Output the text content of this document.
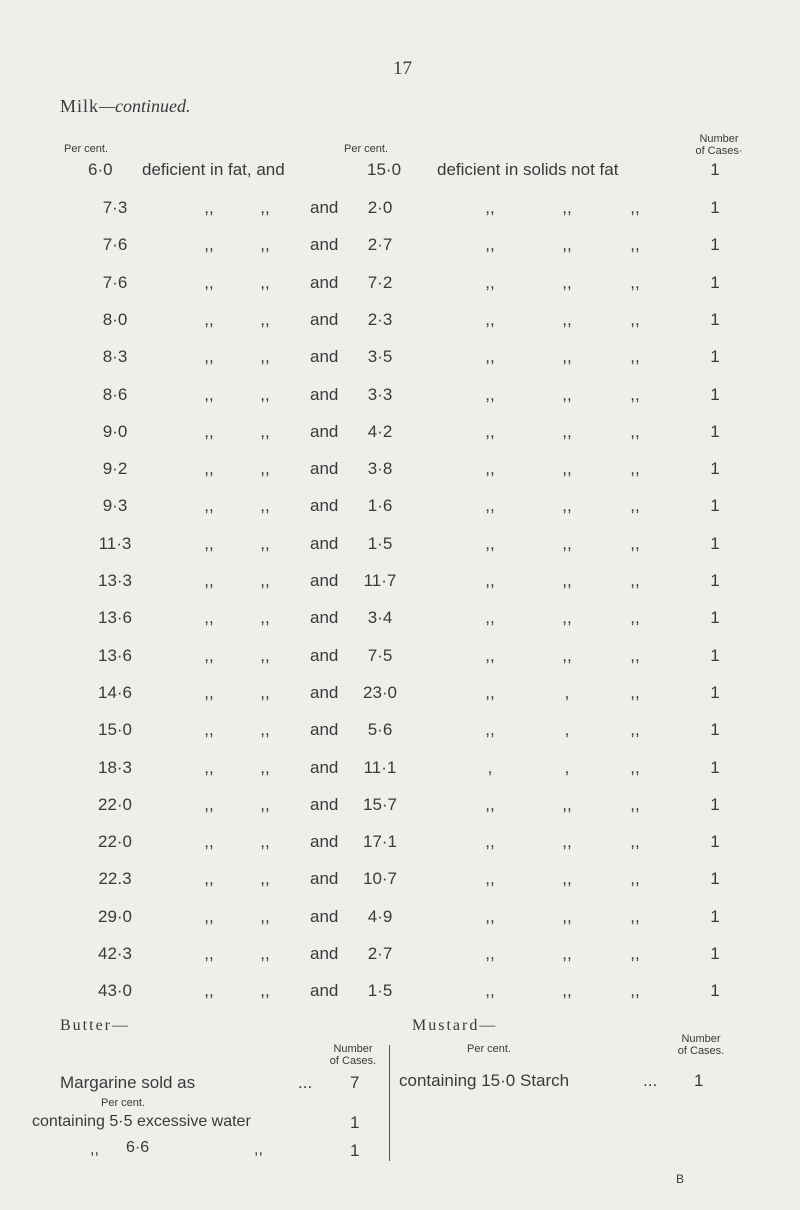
17
Milk—continued.
Per cent.	Per cent.
Number
of Cases·
6·0 deficient in fat, and	15·0 deficient in solids not fat	1
7·3	,,	,,	and	2·0	,,	,,	,,	1
7·6	,,	,,	and	2·7	,,	,,	,,	1
7·6	,,	,,	and	7·2	,,	,,	,,	1
8·0	,,	,,	and	2·3	,,	,,	,,	1
8·3	,,	,,	and	3·5	,,	,,	,,	1
8·6	,,	,,	and	3·3	,,	,,	,,	1
9·0	,,	,,	and	4·2	,,	,,	,,	1
9·2	,,	,,	and	3·8	,,	,,	,,	1
9·3	,,	,,	and	1·6	,,	,,	,,	1
11·3	,,	,,	and	1·5	,,	,,	,,	1
13·3	,,	,,	and	11·7	,,	,,	,,	1
13·6	,,	,,	and	3·4	,,	,,	,,	1
13·6	,,	,,	and	7·5	,,	,,	,,	1
14·6	,,	,,	and	23·0	,,	,	,,	1
15·0	,,	,,	and	5·6	,,	,	,,	1
18·3	,,	,,	and	11·1	,	,	,,	1
22·0	,,	,,	and	15·7	,,	,,	,,	1
22·0	,,	,,	and	17·1	,,	,,	,,	1
22.3	,,	,,	and	10·7	,,	,,	,,	1
29·0	,,	,,	and	4·9	,,	,,	,,	1
42·3	,,	,,	and	2·7	,,	,,	,,	1
43·0	,,	,,	and	1·5	,,	,,	,,	1
Butter—
Number
of Cases.
Margarine sold as	... 7
Per cent.
containing 5·5 excessive water	1
,, 6·6	,,	1
Mustard—
Per cent.
Number
of Cases.
containing 15·0 Starch	... 1
B
